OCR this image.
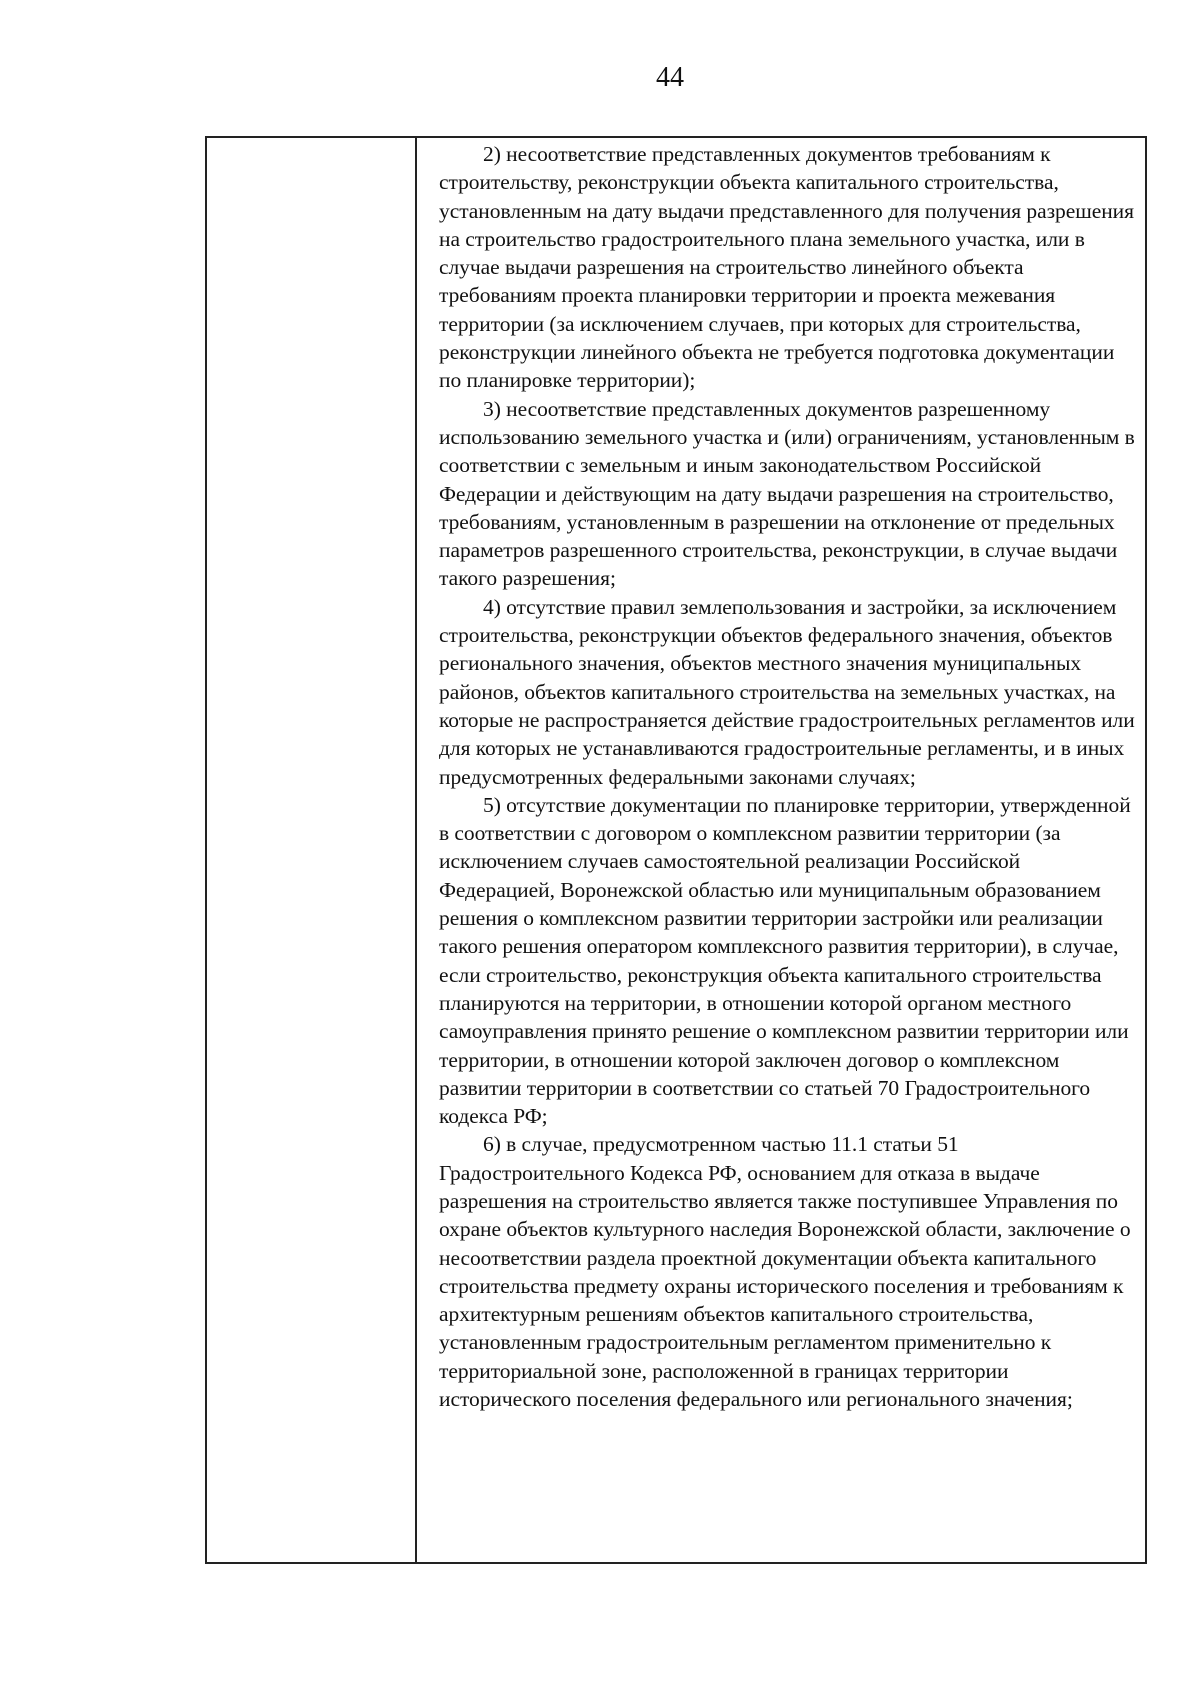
44

2) несоответствие представленных документов требованиям к строительству, реконструкции объекта капитального строительства, установленным на дату выдачи представленного для получения разрешения на строительство градостроительного плана земельного участка, или в случае выдачи разрешения на строительство линейного объекта требованиям проекта планировки территории и проекта межевания территории (за исключением случаев, при которых для строительства, реконструкции линейного объекта не требуется подготовка документации по планировке территории);

3) несоответствие представленных документов разрешенному использованию земельного участка и (или) ограничениям, установленным в соответствии с земельным и иным законодательством Российской Федерации и действующим на дату выдачи разрешения на строительство, требованиям, установленным в разрешении на отклонение от предельных параметров разрешенного строительства, реконструкции, в случае выдачи такого разрешения;

4) отсутствие правил землепользования и застройки, за исключением строительства, реконструкции объектов федерального значения, объектов регионального значения, объектов местного значения муниципальных районов, объектов капитального строительства на земельных участках, на которые не распространяется действие градостроительных регламентов или для которых не устанавливаются градостроительные регламенты, и в иных предусмотренных федеральными законами случаях;

5) отсутствие документации по планировке территории, утвержденной в соответствии с договором о комплексном развитии территории (за исключением случаев самостоятельной реализации Российской Федерацией, Воронежской областью или муниципальным образованием решения о комплексном развитии территории застройки или реализации такого решения оператором комплексного развития территории), в случае, если строительство, реконструкция объекта капитального строительства планируются на территории, в отношении которой органом местного самоуправления принято решение о комплексном развитии территории или территории, в отношении которой заключен договор о комплексном развитии территории в соответствии со статьей 70 Градостроительного кодекса РФ;

6) в случае, предусмотренном частью 11.1 статьи 51 Градостроительного Кодекса РФ, основанием для отказа в выдаче разрешения на строительство является также поступившее Управления по охране объектов культурного наследия Воронежской области, заключение о несоответствии раздела проектной документации объекта капитального строительства предмету охраны исторического поселения и требованиям к архитектурным решениям объектов капитального строительства, установленным градостроительным регламентом применительно к территориальной зоне, расположенной в границах территории исторического поселения федерального или регионального значения;
